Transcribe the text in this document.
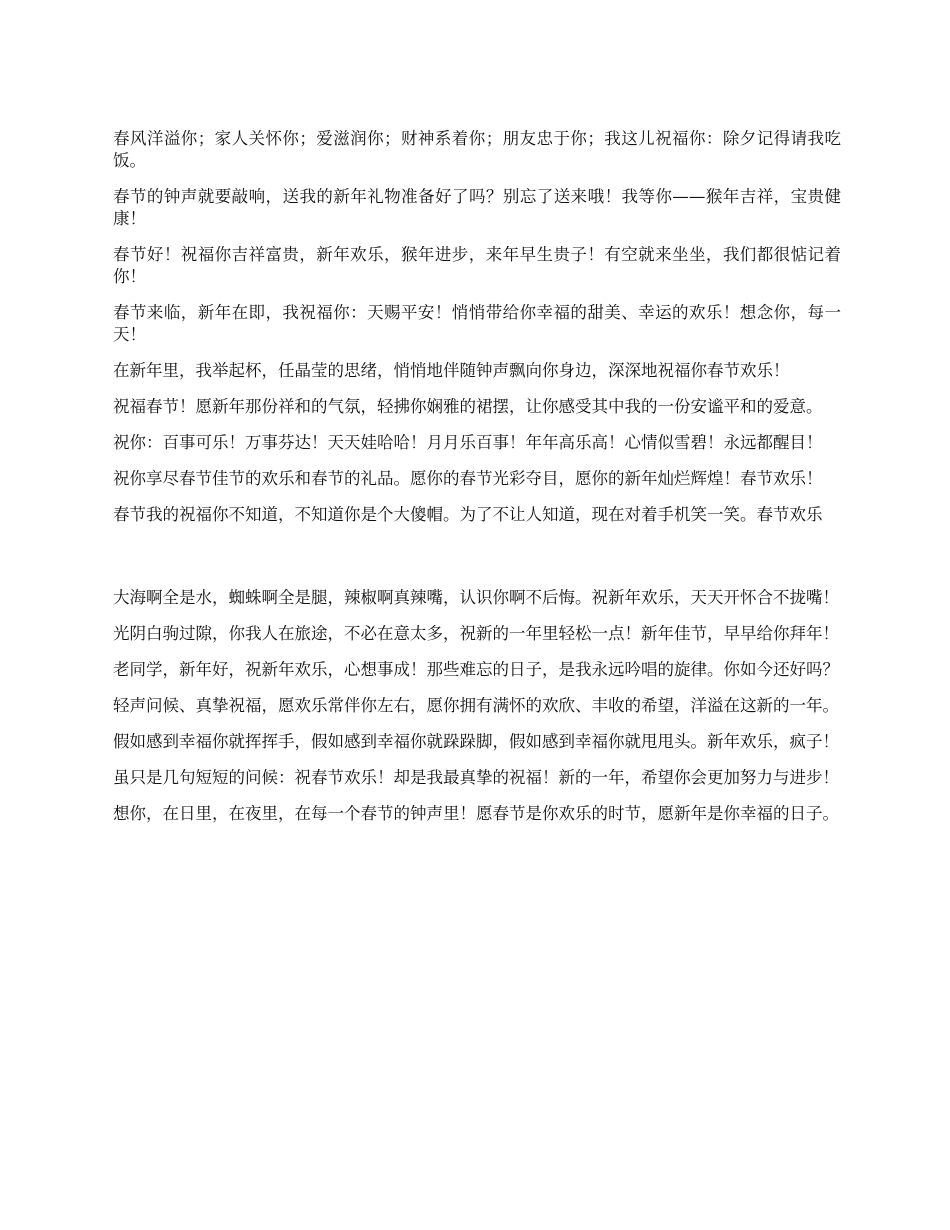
春风洋溢你；家人关怀你；爱滋润你；财神系着你；朋友忠于你；我这儿祝福你：除夕记得请我吃饭。

春节的钟声就要敲响，送我的新年礼物准备好了吗？别忘了送来哦！我等你——猴年吉祥，宝贵健康！

春节好！祝福你吉祥富贵，新年欢乐，猴年进步，来年早生贵子！有空就来坐坐，我们都很惦记着你！

春节来临，新年在即，我祝福你：天赐平安！悄悄带给你幸福的甜美、幸运的欢乐！想念你，每一天！

在新年里，我举起杯，任晶莹的思绪，悄悄地伴随钟声飘向你身边，深深地祝福你春节欢乐！

祝福春节！愿新年那份祥和的气氛，轻拂你娴雅的裙摆，让你感受其中我的一份安谧平和的爱意。

祝你：百事可乐！万事芬达！天天娃哈哈！月月乐百事！年年高乐高！心情似雪碧！永远都醒目！

祝你享尽春节佳节的欢乐和春节的礼品。愿你的春节光彩夺目，愿你的新年灿烂辉煌！春节欢乐！

春节我的祝福你不知道，不知道你是个大傻帽。为了不让人知道，现在对着手机笑一笑。春节欢乐

大海啊全是水，蜘蛛啊全是腿，辣椒啊真辣嘴，认识你啊不后悔。祝新年欢乐，天天开怀合不拢嘴！

光阴白驹过隙，你我人在旅途，不必在意太多，祝新的一年里轻松一点！新年佳节，早早给你拜年！

老同学，新年好，祝新年欢乐，心想事成！那些难忘的日子，是我永远吟唱的旋律。你如今还好吗？

轻声问候、真挚祝福，愿欢乐常伴你左右，愿你拥有满怀的欢欣、丰收的希望，洋溢在这新的一年。

假如感到幸福你就挥挥手，假如感到幸福你就跺跺脚，假如感到幸福你就甩甩头。新年欢乐，疯子！

虽只是几句短短的问候：祝春节欢乐！却是我最真挚的祝福！新的一年，希望你会更加努力与进步！

想你，在日里，在夜里，在每一个春节的钟声里！愿春节是你欢乐的时节，愿新年是你幸福的日子。
